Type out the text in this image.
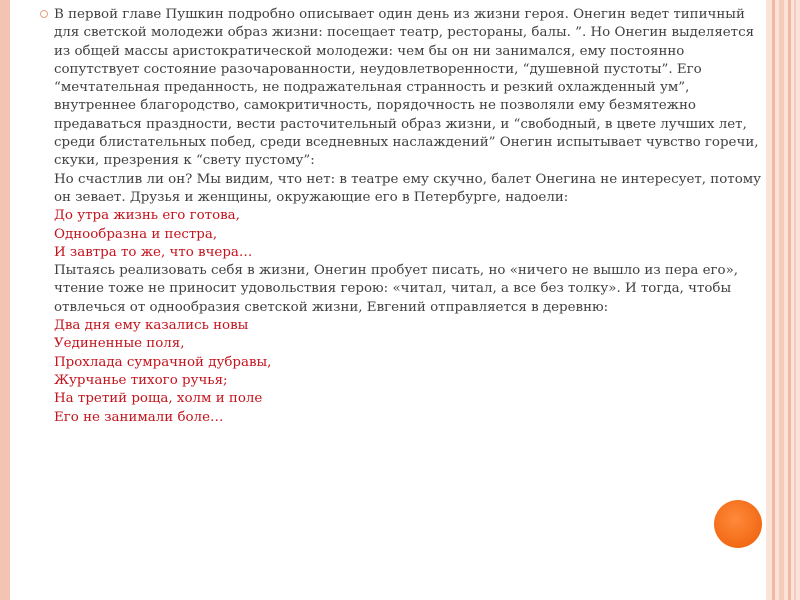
В первой главе Пушкин подробно описывает один день из жизни героя. Онегин ведет типичный для светской молодежи образ жизни: посещает театр, рестораны, балы. ”. Но Онегин выделяется из общей массы аристократической молодежи: чем бы он ни занимался, ему постоянно сопутствует состояние разочарованности, неудовлетворенности, “душевной пустоты”. Его “мечтательная преданность, не подражательная странность и резкий охлажденный ум”, внутреннее благородство, самокритичность, порядочность не позволяли ему безмятежно предаваться праздности, вести расточительный образ жизни, и “свободный, в цвете лучших лет, среди блистательных побед, среди вседневных наслаждений” Онегин испытывает чувство горечи, скуки, презрения к “свету пустому”:

Но счастлив ли он? Мы видим, что нет: в театре ему скучно, балет Онегина не интересует, потому он зевает. Друзья и женщины, окружающие его в Петербурге, надоели:

До утра жизнь его готова,

Однообразна и пестра,

И завтра то же, что вчера…

Пытаясь реализовать себя в жизни, Онегин пробует писать, но «ничего не вышло из пера его», чтение тоже не приносит удовольствия герою: «читал, читал, а все без толку». И тогда, чтобы отвлечься от однообразия светской жизни, Евгений отправляется в деревню:

Два дня ему казались новы

Уединенные поля,

Прохлада сумрачной дубравы,

Журчанье тихого ручья;

На третий роща, холм и поле

Его не занимали боле…
